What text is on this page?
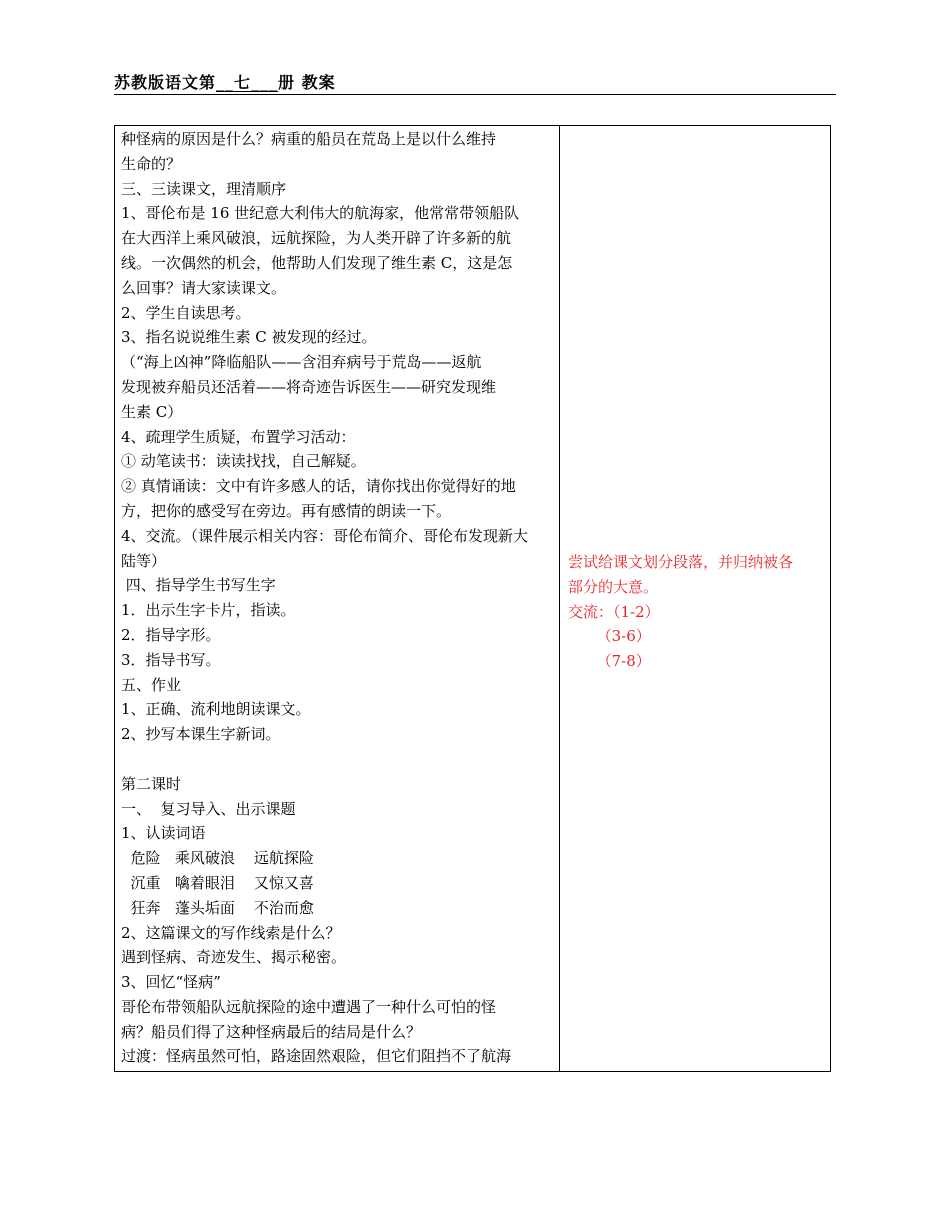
苏教版语文第__七___册 教案
种怪病的原因是什么？病重的船员在荒岛上是以什么维持
生命的？
三、三读课文，理清顺序
1、哥伦布是 16 世纪意大利伟大的航海家，他常常带领船队
在大西洋上乘风破浪，远航探险，为人类开辟了许多新的航
线。一次偶然的机会，他帮助人们发现了维生素 C，这是怎
么回事？请大家读课文。
2、学生自读思考。
3、指名说说维生素 C 被发现的经过。
（“海上凶神”降临船队——含泪弃病号于荒岛——返航
发现被弃船员还活着——将奇迹告诉医生——研究发现维
生素 C）
4、疏理学生质疑，布置学习活动：
① 动笔读书：读读找找，自己解疑。
② 真情诵读：文中有许多感人的话，请你找出你觉得好的地
方，把你的感受写在旁边。再有感情的朗读一下。
4、交流。（课件展示相关内容：哥伦布简介、哥伦布发现新大
陆等）
四、指导学生书写生字
1．出示生字卡片，指读。
2．指导字形。
3．指导书写。
五、作业
1、正确、流利地朗读课文。
2、抄写本课生字新词。
第二课时
一、  复习导入、出示课题
1、认读词语
危险   乘风破浪    远航探险
沉重   噙着眼泪    又惊又喜
狂奔   蓬头垢面    不治而愈
2、这篇课文的写作线索是什么？
遇到怪病、奇迹发生、揭示秘密。
3、回忆“怪病”
哥伦布带领船队远航探险的途中遭遇了一种什么可怕的怪
病？船员们得了这种怪病最后的结局是什么？
过渡：怪病虽然可怕，路途固然艰险，但它们阻挡不了航海
尝试给课文划分段落，并归纳被各
部分的大意。
交流：（1-2）
（3-6）
（7-8）
